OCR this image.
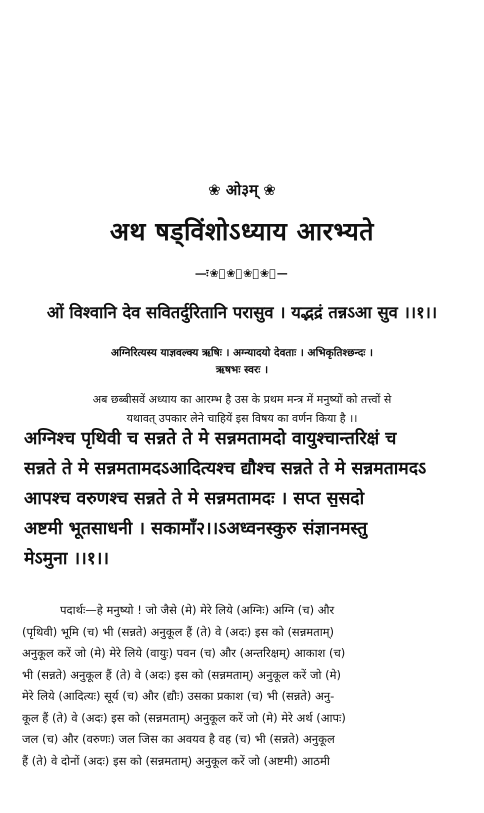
❀ ओ३म् ❀
अथ षड्विंशोऽध्याय आरभ्यते
—ः❀ः❀ः❀ः❀ः—
ओं विश्वानि देव सवितर्दुरितानि परासुव । यद्भद्रं तन्नऽआ सुव ।।१।।
अग्निरित्यस्य याज्ञवल्क्य ऋषिः । अग्न्यादयो देवताः । अभिकृतिश्छन्दः ।
ऋषभः स्वरः ।
अब छब्बीसवें अध्याय का आरम्भ है उस के प्रथम मन्त्र में मनुष्यों को तत्त्वों से
यथावत् उपकार लेने चाहियें इस विषय का वर्णन किया है ।।
अग्निश्च पृथिवी च सन्नते ते मे सन्नमतामदो वायुश्चान्तरिक्षं च
सन्नते ते मे सन्नमतामदऽआदित्यश्च द्यौश्च सन्नते ते मे सन्नमतामदऽ
आपश्च वरुणश्च सन्नते ते मे सन्नमतामदः । सप्त स॒सदो
अष्टमी भूतसाधनी । सकामाँ२।।ऽअध्वनस्कुरु संज्ञानमस्तु
मेऽमुना ।।१।।
पदार्थः—हे मनुष्यो ! जो जैसे (मे) मेरे लिये (अग्निः) अग्नि (च) और
(पृथिवी) भूमि (च) भी (सन्नते) अनुकूल हैं (ते) वे (अदः) इस को (सन्नमताम्)
अनुकूल करें जो (मे) मेरे लिये (वायुः) पवन (च) और (अन्तरिक्षम्) आकाश (च)
भी (सन्नते) अनुकूल हैं (ते) वे (अदः) इस को (सन्नमताम्) अनुकूल करें जो (मे)
मेरे लिये (आदित्यः) सूर्य (च) और (द्यौः) उसका प्रकाश (च) भी (सन्नते) अनु-
कूल हैं (ते) वे (अदः) इस को (सन्नमताम्) अनुकूल करें जो (मे) मेरे अर्थ (आपः)
जल (च) और (वरुणः) जल जिस का अवयव है वह (च) भी (सन्नते) अनुकूल
हैं (ते) वे दोनों (अदः) इस को (सन्नमताम्) अनुकूल करें जो (अष्टमी) आठमी
